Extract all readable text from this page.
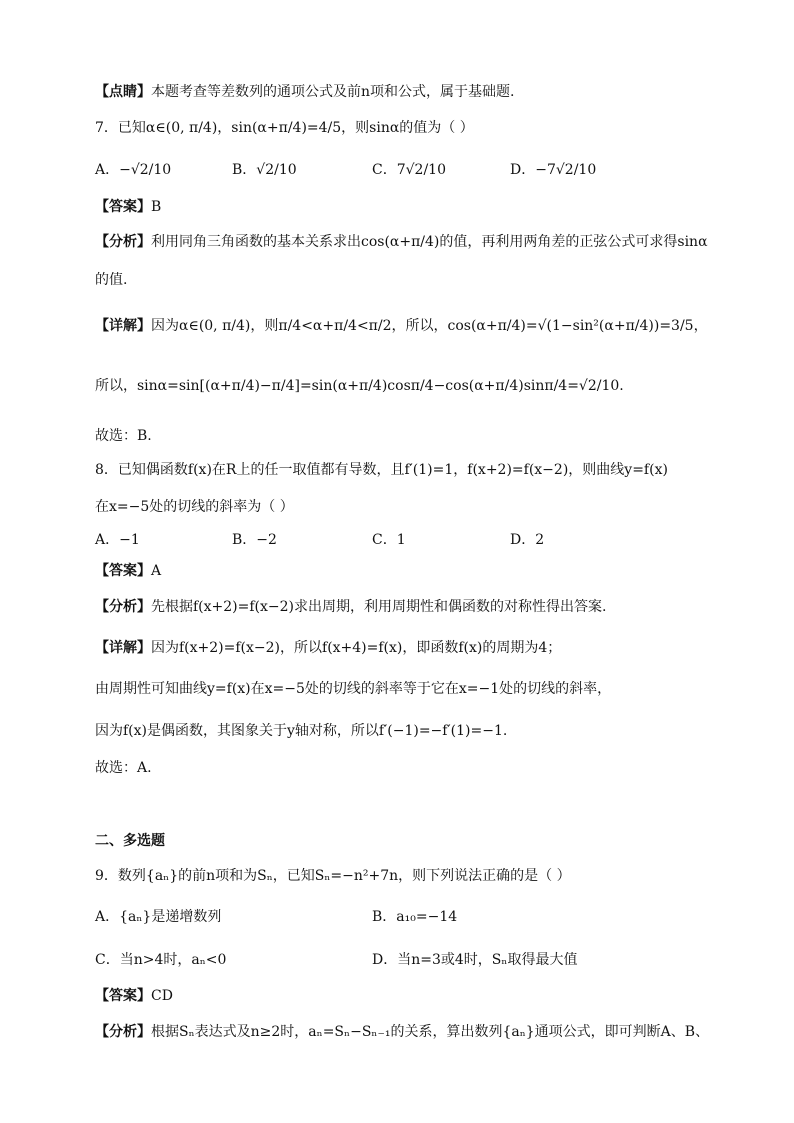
【点睛】本题考查等差数列的通项公式及前n项和公式，属于基础题.
7．已知α∈(0, π/4)，sin(α+π/4)=4/5，则sinα的值为（ ）
A．−√2/10	B．√2/10	C．7√2/10	D．−7√2/10
【答案】B
【分析】利用同角三角函数的基本关系求出cos(α+π/4)的值，再利用两角差的正弦公式可求得sinα
的值.
【详解】因为α∈(0, π/4)，则π/4<α+π/4<π/2，所以，cos(α+π/4)=√(1−sin²(α+π/4))=3/5，
所以，sinα=sin[(α+π/4)−π/4]=sin(α+π/4)cosπ/4−cos(α+π/4)sinπ/4=√2/10.
故选：B.
8．已知偶函数f(x)在R上的任一取值都有导数，且f′(1)=1，f(x+2)=f(x−2)，则曲线y=f(x)
在x=−5处的切线的斜率为（ ）
A．−1	B．−2	C．1	D．2
【答案】A
【分析】先根据f(x+2)=f(x−2)求出周期，利用周期性和偶函数的对称性得出答案.
【详解】因为f(x+2)=f(x−2)，所以f(x+4)=f(x)，即函数f(x)的周期为4；
由周期性可知曲线y=f(x)在x=−5处的切线的斜率等于它在x=−1处的切线的斜率，
因为f(x)是偶函数，其图象关于y轴对称，所以f′(−1)=−f′(1)=−1.
故选：A.
二、多选题
9．数列{aₙ}的前n项和为Sₙ，已知Sₙ=−n²+7n，则下列说法正确的是（ ）
A．{aₙ}是递增数列	B．a₁₀=−14
C．当n>4时，aₙ<0	D．当n=3或4时，Sₙ取得最大值
【答案】CD
【分析】根据Sₙ表达式及n≥2时，aₙ=Sₙ−Sₙ₋₁的关系，算出数列{aₙ}通项公式，即可判断A、B、
